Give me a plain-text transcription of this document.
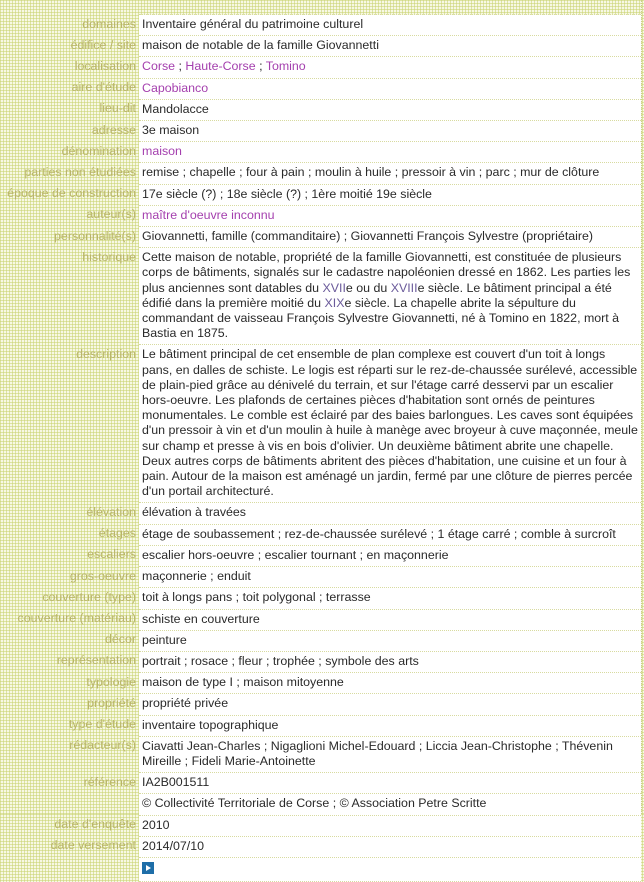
domaines	Inventaire général du patrimoine culturel
édifice / site	maison de notable de la famille Giovannetti
localisation	Corse ; Haute-Corse ; Tomino
aire d'étude	Capobianco
lieu-dit	Mandolacce
adresse	3e maison
dénomination	maison
parties non étudiées	remise ; chapelle ; four à pain ; moulin à huile ; pressoir à vin ; parc ; mur de clôture
époque de construction	17e siècle (?) ; 18e siècle (?) ; 1ère moitié 19e siècle
auteur(s)	maître d'oeuvre inconnu
personnalité(s)	Giovannetti, famille (commanditaire) ; Giovannetti François Sylvestre (propriétaire)
historique	Cette maison de notable, propriété de la famille Giovannetti, est constituée de plusieurs corps de bâtiments, signalés sur le cadastre napoléonien dressé en 1862. Les parties les plus anciennes sont datables du XVIIe ou du XVIIIe siècle. Le bâtiment principal a été édifié dans la première moitié du XIXe siècle. La chapelle abrite la sépulture du commandant de vaisseau François Sylvestre Giovannetti, né à Tomino en 1822, mort à Bastia en 1875.
description	Le bâtiment principal de cet ensemble de plan complexe est couvert d'un toit à longs pans, en dalles de schiste. Le logis est réparti sur le rez-de-chaussée surélevé, accessible de plain-pied grâce au dénivelé du terrain, et sur l'étage carré desservi par un escalier hors-oeuvre. Les plafonds de certaines pièces d'habitation sont ornés de peintures monumentales. Le comble est éclairé par des baies barlongues. Les caves sont équipées d'un pressoir à vin et d'un moulin à huile à manège avec broyeur à cuve maçonnée, meule sur champ et presse à vis en bois d'olivier. Un deuxième bâtiment abrite une chapelle. Deux autres corps de bâtiments abritent des pièces d'habitation, une cuisine et un four à pain. Autour de la maison est aménagé un jardin, fermé par une clôture de pierres percée d'un portail architecturé.
élévation	élévation à travées
étages	étage de soubassement ; rez-de-chaussée surélevé ; 1 étage carré ; comble à surcroît
escaliers	escalier hors-oeuvre ; escalier tournant ; en maçonnerie
gros-oeuvre	maçonnerie ; enduit
couverture (type)	toit à longs pans ; toit polygonal ; terrasse
couverture (matériau)	schiste en couverture
décor	peinture
représentation	portrait ; rosace ; fleur ; trophée ; symbole des arts
typologie	maison de type I ; maison mitoyenne
propriété	propriété privée
type d'étude	inventaire topographique
rédacteur(s)	Ciavatti Jean-Charles ; Nigaglioni Michel-Edouard ; Liccia Jean-Christophe ; Thévenin Mireille ; Fideli Marie-Antoinette
référence	IA2B001511
	© Collectivité Territoriale de Corse ; © Association Petre Scritte
date d'enquête	2010
date versement	2014/07/10
